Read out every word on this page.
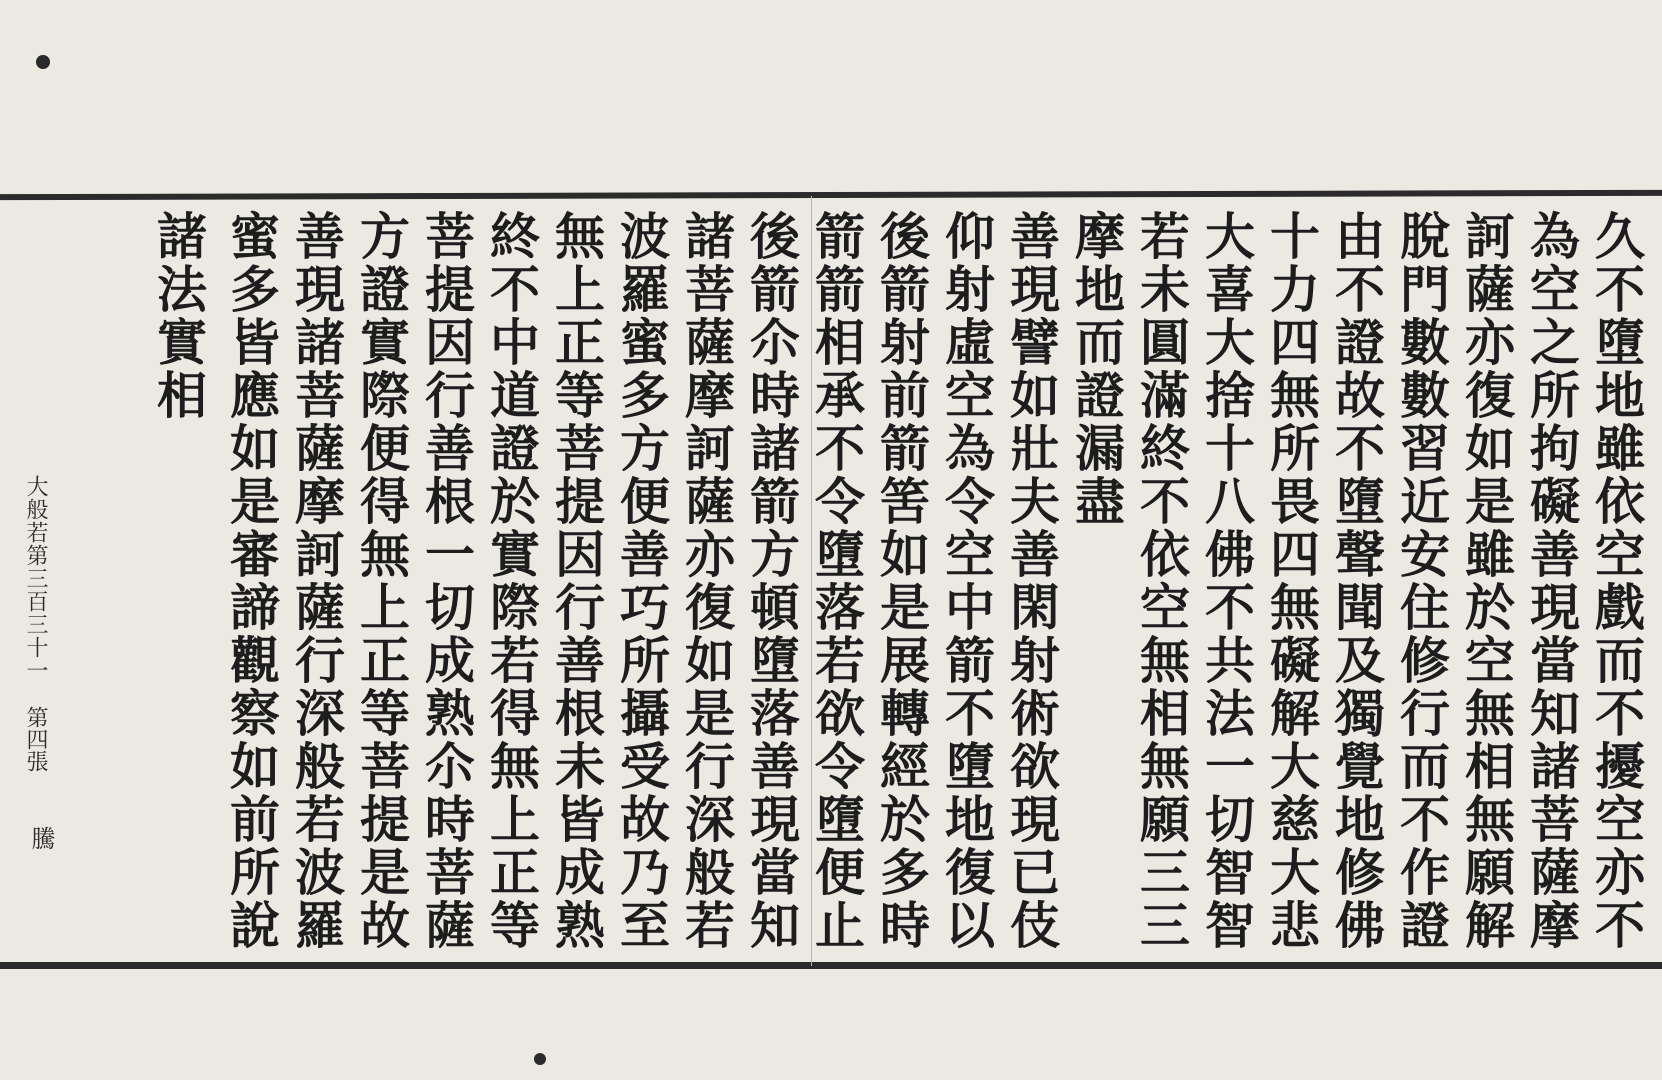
久不墮地雖依空戲而不擾空亦不
為空之所拘礙善現當知諸菩薩摩
訶薩亦復如是雖於空無相無願解
脫門數數習近安住修行而不作證
由不證故不墮聲聞及獨覺地修佛
十力四無所畏四無礙解大慈大悲
大喜大捨十八佛不共法一切智智
若未圓滿終不依空無相無願三三
摩地而證漏盡
善現譬如壯夫善閑射術欲現已伎
仰射虛空為令空中箭不墮地復以
後箭射前箭筈如是展轉經於多時
箭箭相承不令墮落若欲令墮便止
後箭尒時諸箭方頓墮落善現當知
諸菩薩摩訶薩亦復如是行深般若
波羅蜜多方便善巧所攝受故乃至
無上正等菩提因行善根未皆成熟
終不中道證於實際若得無上正等
菩提因行善根一切成熟尒時菩薩
方證實際便得無上正等菩提是故
善現諸菩薩摩訶薩行深般若波羅
蜜多皆應如是審諦觀察如前所說
諸法實相
大般若第三百三十一
第四張
騰
